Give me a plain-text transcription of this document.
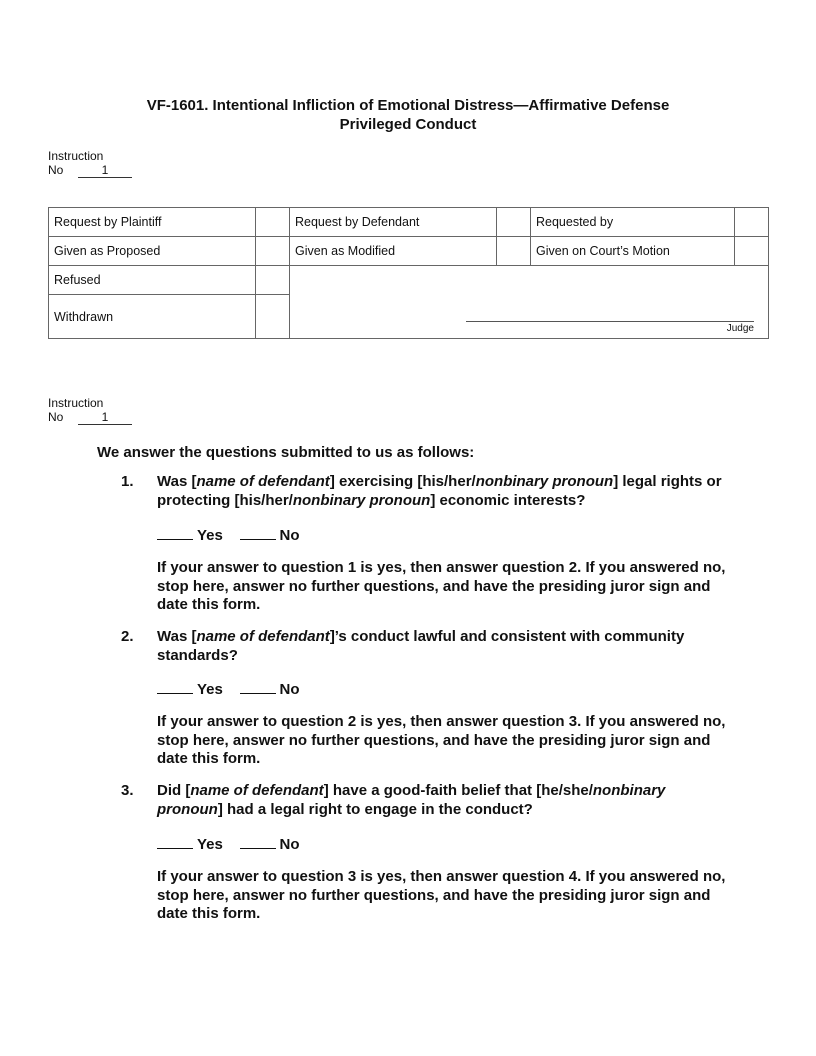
VF-1601. Intentional Infliction of Emotional Distress—Affirmative Defense
Privileged Conduct
Instruction
No	1
Request by Plaintiff		Request by Defendant		Requested by	
Given as Proposed		Given as Modified		Given on Court’s Motion	
Refused					
Withdrawn					
Judge
Instruction
No	1
We answer the questions submitted to us as follows:
1. Was [name of defendant] exercising [his/her/nonbinary pronoun] legal rights or protecting [his/her/nonbinary pronoun] economic interests?
Yes	No
If your answer to question 1 is yes, then answer question 2. If you answered no, stop here, answer no further questions, and have the presiding juror sign and date this form.
2. Was [name of defendant]’s conduct lawful and consistent with community standards?
Yes	No
If your answer to question 2 is yes, then answer question 3. If you answered no, stop here, answer no further questions, and have the presiding juror sign and date this form.
3. Did [name of defendant] have a good-faith belief that [he/she/nonbinary pronoun] had a legal right to engage in the conduct?
Yes	No
If your answer to question 3 is yes, then answer question 4. If you answered no, stop here, answer no further questions, and have the presiding juror sign and date this form.
